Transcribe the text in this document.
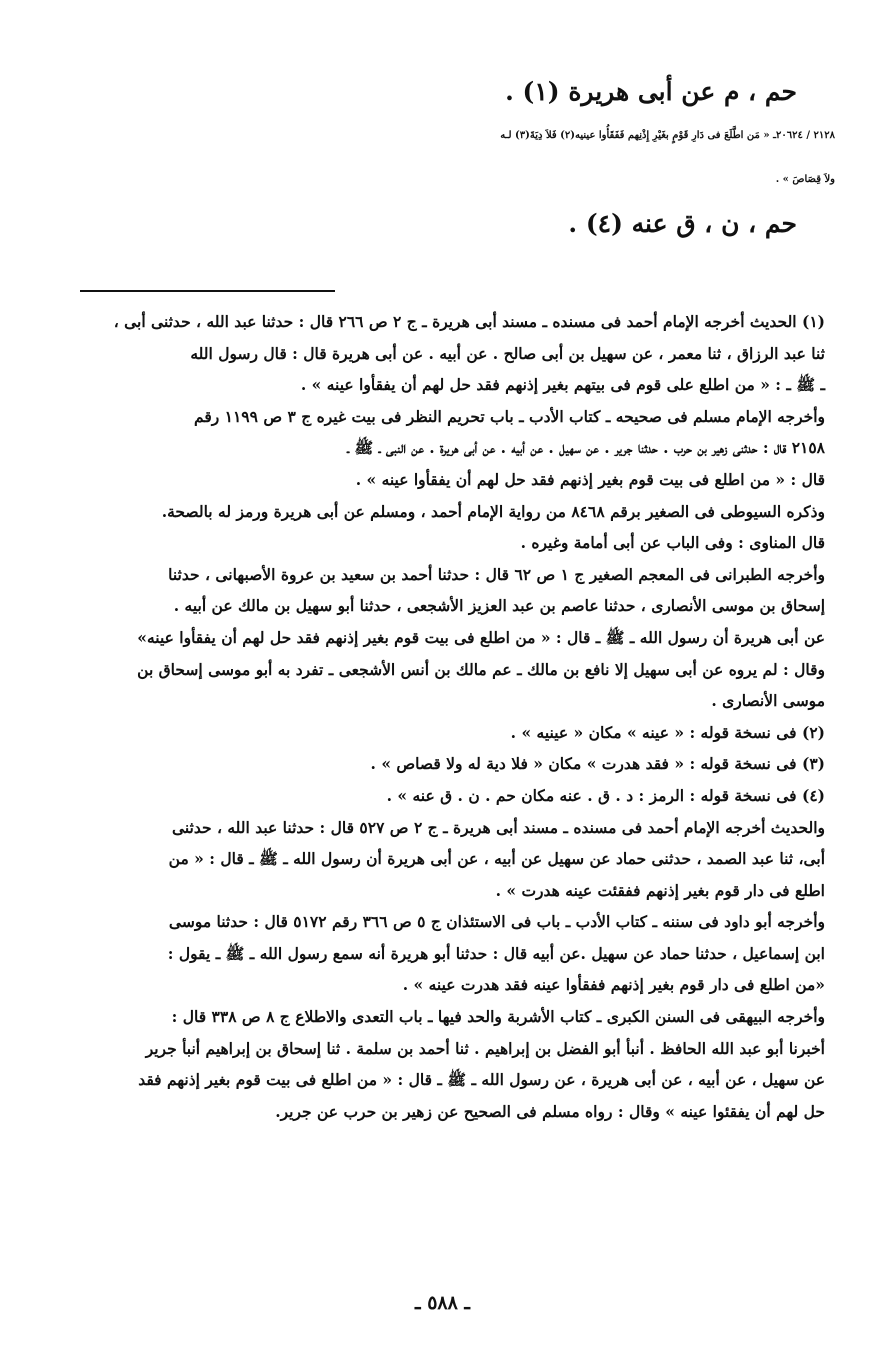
حم ، م عن أبى هريرة (١) .

٢١٢٨ / ٢٠٦٢٤ـ « مَن اطَّلَعَ فى دَارِ قَوْمٍ بغَيْرِ إِذْنِهم فَفَقَأُوا عينيه(٢) فَلاَ دِيَةَ(٣) لـه

ولاَ قِصَاصَ » .

حم ، ن ، ق عنه (٤) .

(١) الحديث أخرجه الإمام أحمد فى مسنده ـ مسند أبى هريرة ـ ج ٢ ص ٢٦٦ قال : حدثنا عبد الله ، حدثنى أبى ،

ثنا عبد الرزاق ، ثنا معمر ، عن سهيل بن أبى صالح . عن أبيه . عن أبى هريرة قال : قال رسول الله

ـ ﷺ ـ : « من اطلع على قوم فى بيتهم بغير إذنهم فقد حل لهم أن يفقأوا عينه » .

وأخرجه الإمام مسلم فى صحيحه ـ كتاب الأدب ـ باب تحريم النظر فى بيت غيره ج ٣ ص ١١٩٩ رقم

٢١٥٨ قال : حدثنى زهير بن حرب . حدثنا جرير . عن سهيل . عن أبيه . عن أبى هريرة . عن النبى ـ ﷺ ـ

قال : « من اطلع فى بيت قوم بغير إذنهم فقد حل لهم أن يفقأوا عينه » .

وذكره السيوطى فى الصغير برقم ٨٤٦٨ من رواية الإمام أحمد ، ومسلم عن أبى هريرة ورمز له بالصحة.

قال المناوى : وفى الباب عن أبى أمامة وغيره .

وأخرجه الطبرانى فى المعجم الصغير ج ١ ص ٦٢ قال : حدثنا أحمد بن سعيد بن عروة الأصبهانى ، حدثنا

إسحاق بن موسى الأنصارى ، حدثنا عاصم بن عبد العزيز الأشجعى ، حدثنا أبو سهيل بن مالك عن أبيه .

عن أبى هريرة أن رسول الله ـ ﷺ ـ قال : « من اطلع فى بيت قوم بغير إذنهم فقد حل لهم أن يفقأوا عينه»

وقال : لم يروه عن أبى سهيل إلا نافع بن مالك ـ عم مالك بن أنس الأشجعى ـ تفرد به أبو موسى إسحاق بن

موسى الأنصارى .

(٢) فى نسخة قوله : « عينه » مكان « عينيه » .

(٣) فى نسخة قوله : « فقد هدرت » مكان « فلا دية له ولا قصاص » .

(٤) فى نسخة قوله : الرمز : د . ق . عنه مكان حم . ن . ق عنه » .

والحديث أخرجه الإمام أحمد فى مسنده ـ مسند أبى هريرة ـ ج ٢ ص ٥٢٧ قال : حدثنا عبد الله ، حدثنى

أبى، ثنا عبد الصمد ، حدثنى حماد عن سهيل عن أبيه ، عن أبى هريرة أن رسول الله ـ ﷺ ـ قال : « من

اطلع فى دار قوم بغير إذنهم ففقئت عينه هدرت » .

وأخرجه أبو داود فى سننه ـ كتاب الأدب ـ باب فى الاستئذان ج ٥ ص ٣٦٦ رقم ٥١٧٢ قال : حدثنا موسى

ابن إسماعيل ، حدثنا حماد عن سهيل .عن أبيه قال : حدثنا أبو هريرة أنه سمع رسول الله ـ ﷺ ـ يقول :

«من اطلع فى دار قوم بغير إذنهم ففقأوا عينه فقد هدرت عينه » .

وأخرجه البيهقى فى السنن الكبرى ـ كتاب الأشربة والحد فيها ـ باب التعدى والاطلاع ج ٨ ص ٣٣٨ قال :

أخبرنا أبو عبد الله الحافظ . أنبأ أبو الفضل بن إبراهيم . ثنا أحمد بن سلمة . ثنا إسحاق بن إبراهيم أنبأ جرير

عن سهيل ، عن أبيه ، عن أبى هريرة ، عن رسول الله ـ ﷺ ـ قال : « من اطلع فى بيت قوم بغير إذنهم فقد

حل لهم أن يفقئوا عينه » وقال : رواه مسلم فى الصحيح عن زهير بن حرب عن جرير.

ـ ٥٨٨ ـ
